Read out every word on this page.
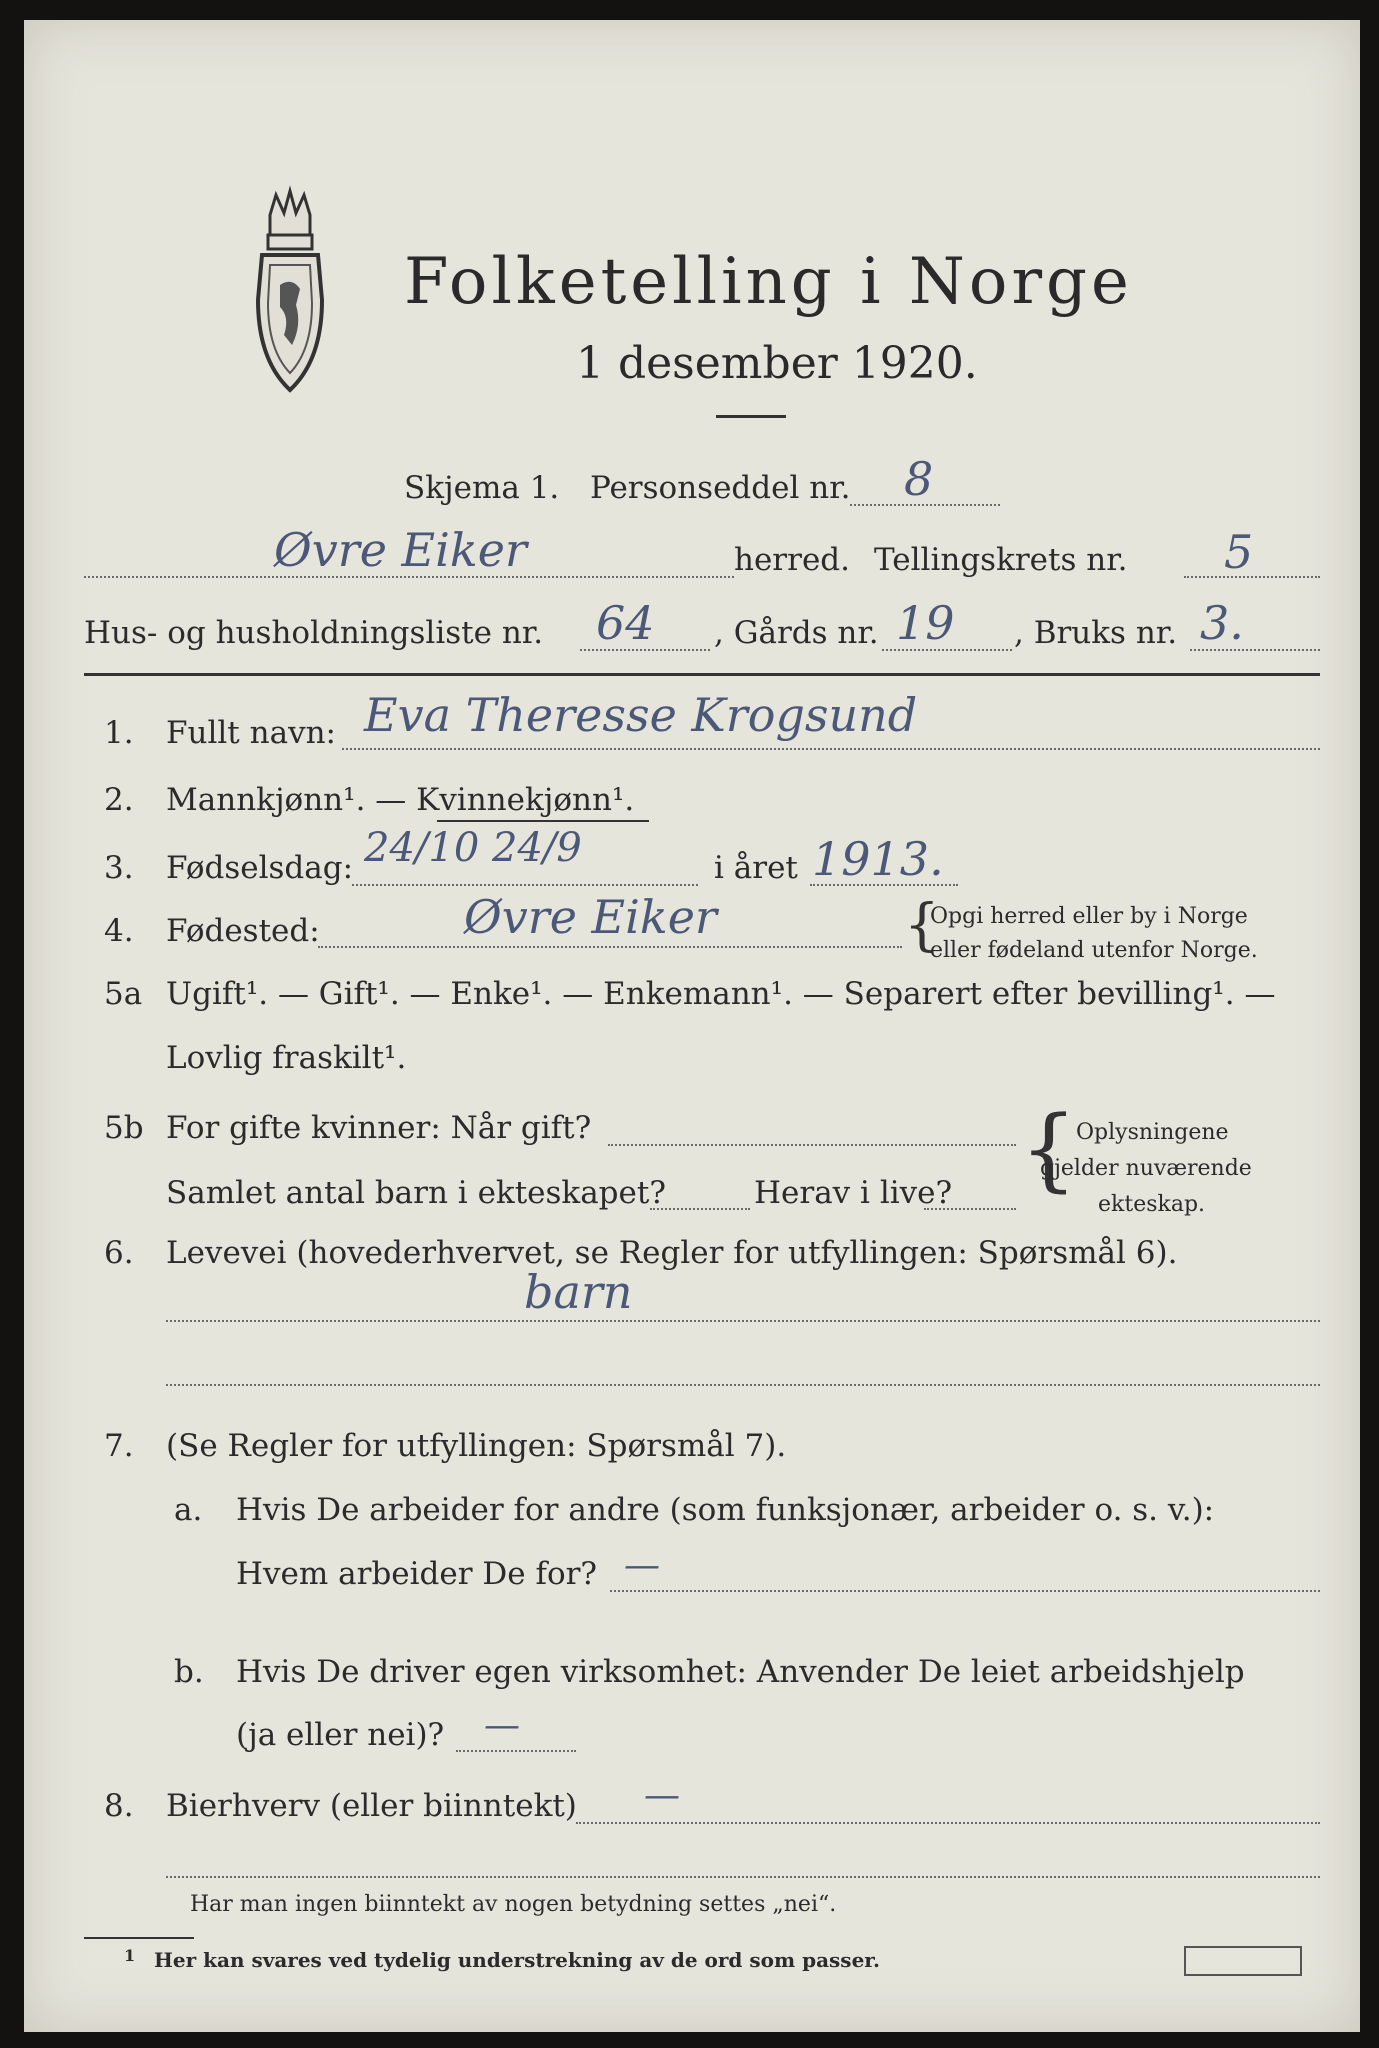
Folketelling i Norge
1 desember 1920.
Skjema 1. Personseddel nr. 8
Øvre Eiker	herred. Tellingskrets nr. 5
Hus- og husholdningsliste nr. 64 , Gårds nr. 19 , Bruks nr. 3.
1. Fullt navn: Eva Theresse Krogsund
2. Mannkjønn¹. — Kvinnekjønn¹.
3. Fødselsdag: 24/10 24/9	i året 1913.
4. Fødested:	Øvre Eiker	{
Opgi herred eller by i Norge
eller fødeland utenfor Norge.
5a Ugift¹. — Gift¹. — Enke¹. — Enkemann¹. — Separert efter bevilling¹. —
Lovlig fraskilt¹.
5b For gifte kvinner: Når gift?
Samlet antal barn i ekteskapet?	Herav i live? {
Oplysningene
gjelder nuværende
ekteskap.
6. Levevei (hovederhvervet, se Regler for utfyllingen: Spørsmål 6).
barn
7. (Se Regler for utfyllingen: Spørsmål 7).
a. Hvis De arbeider for andre (som funksjonær, arbeider o. s. v.):
Hvem arbeider De for? —
b. Hvis De driver egen virksomhet: Anvender De leiet arbeidshjelp
(ja eller nei)? —
8. Bierhverv (eller biinntekt) —
Har man ingen biinntekt av nogen betydning settes „nei“.
1 Her kan svares ved tydelig understrekning av de ord som passer.
